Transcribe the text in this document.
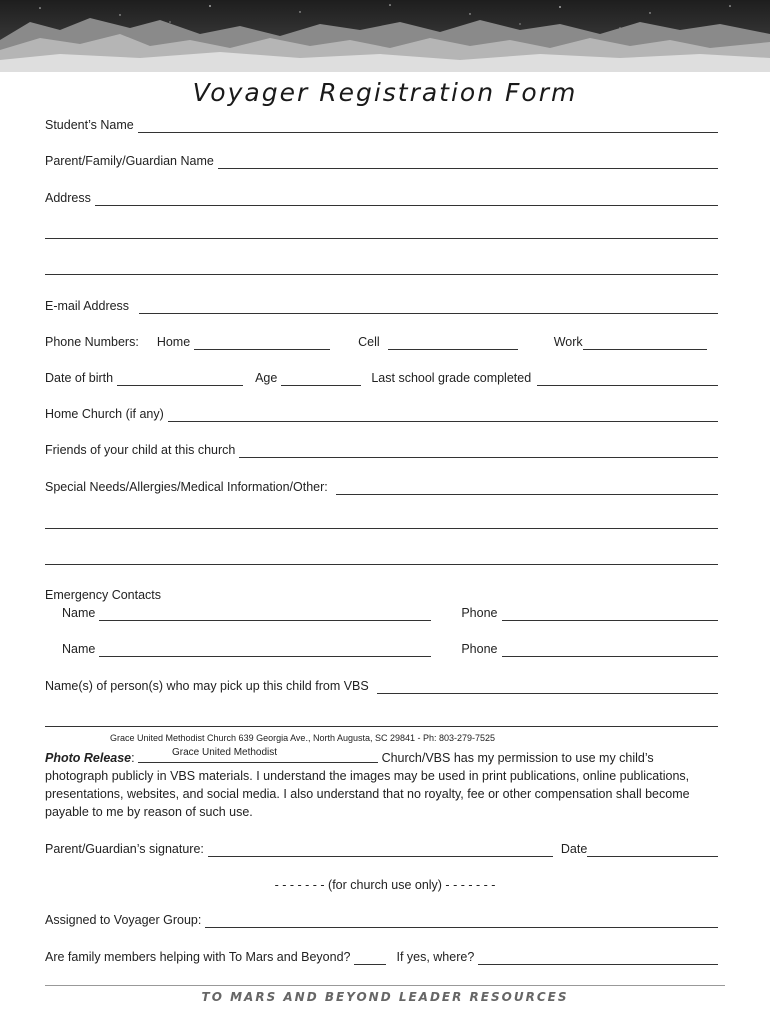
Voyager Registration Form
Student’s Name
Parent/Family/Guardian Name
Address
E-mail Address
Phone Numbers: Home	Cell	Work
Date of birth	Age	Last school grade completed
Home Church (if any)
Friends of your child at this church
Special Needs/Allergies/Medical Information/Other:
Emergency Contacts
Name	Phone
Name	Phone
Name(s) of person(s) who may pick up this child from VBS
Grace United Methodist Church 639 Georgia Ave., North Augusta, SC 29841 - Ph: 803-279-7525
Grace United Methodist
Photo Release:	Church/VBS has my permission to use my child’s
photograph publicly in VBS materials. I understand the images may be used in print publications, online publications, presentations, websites, and social media. I also understand that no royalty, fee or other compensation shall become payable to me by reason of such use.
Parent/Guardian’s signature:	Date
- - - - - - - (for church use only) - - - - - - -
Assigned to Voyager Group:
Are family members helping with To Mars and Beyond?	If yes, where?
TO MARS AND BEYOND LEADER RESOURCES
